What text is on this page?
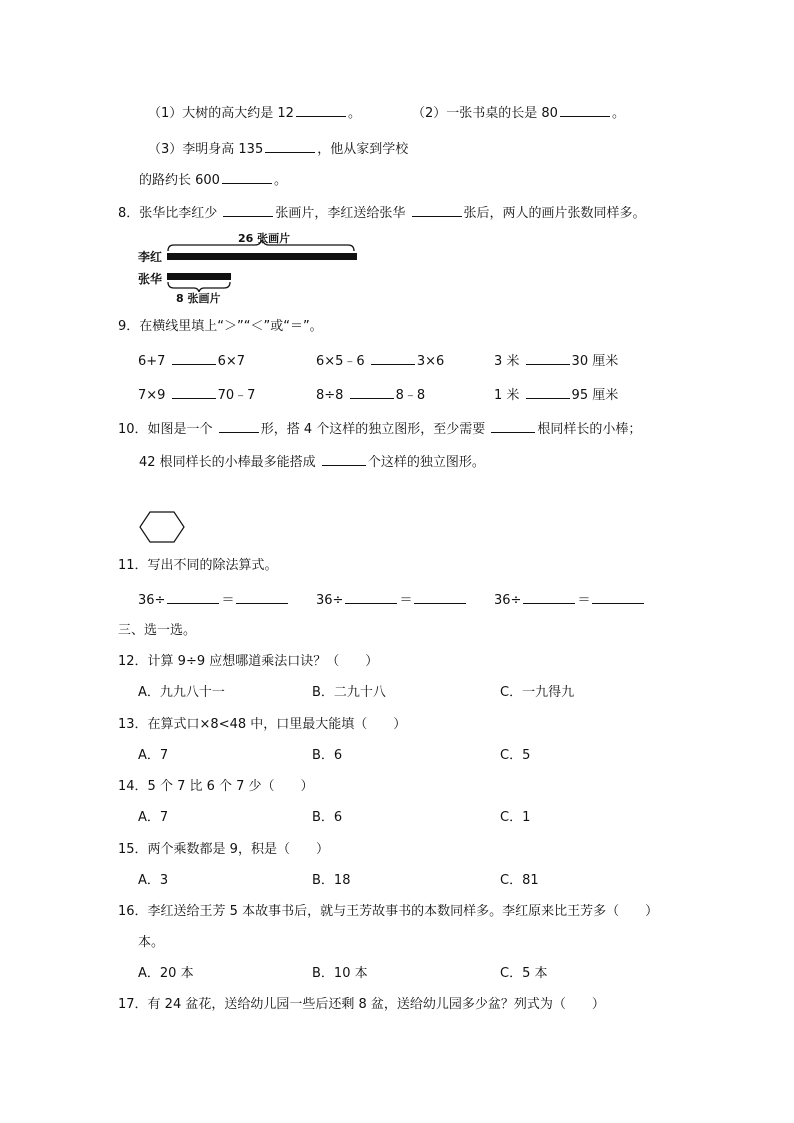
（1）大树的高大约是 12	。	（2）一张书桌的长是 80	。
（3）李明身高 135	，他从家到学校
的路约长 600	。
8．张华比李红少	张画片，李红送给张华	张后，两人的画片张数同样多。
26 张画片
李红
张华
8 张画片
9．在横线里填上“＞”“＜”或“＝”。
6+7	6×7	6×5﹣6	3×6	3 米	30 厘米
7×9	70﹣7	8÷8	8﹣8	1 米	95 厘米
10．如图是一个	形，搭 4 个这样的独立图形，至少需要	根同样长的小棒；
42 根同样长的小棒最多能搭成	个这样的独立图形。
11．写出不同的除法算式。
36÷	＝	36÷	＝	36÷	＝
三、选一选。
12．计算 9÷9 应想哪道乘法口诀？（　　）
A．九九八十一	B．二九十八	C．一九得九
13．在算式口×8<48 中，口里最大能填（　　）
A．7	B．6	C．5
14．5 个 7 比 6 个 7 少（　　）
A．7	B．6	C．1
15．两个乘数都是 9，积是（　　）
A．3	B．18	C．81
16．李红送给王芳 5 本故事书后，就与王芳故事书的本数同样多。李红原来比王芳多（　　）
本。
A．20 本	B．10 本	C．5 本
17．有 24 盆花，送给幼儿园一些后还剩 8 盆，送给幼儿园多少盆？列式为（　　）
